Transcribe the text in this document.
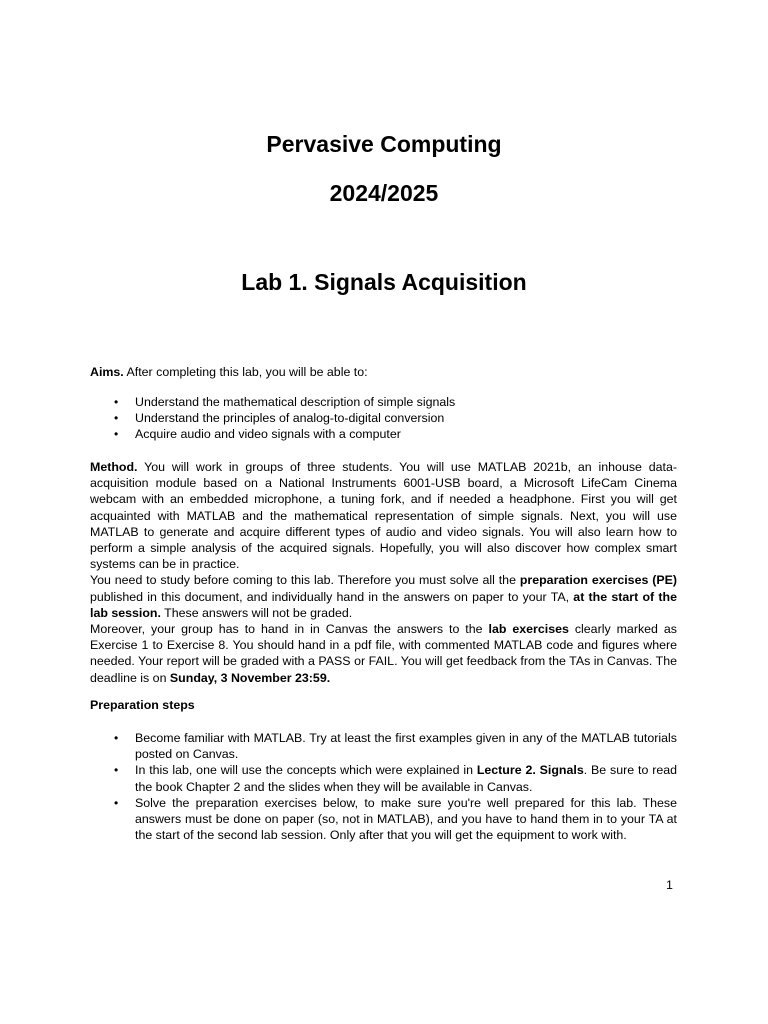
Pervasive Computing
2024/2025
Lab 1. Signals Acquisition

Aims. After completing this lab, you will be able to:

• Understand the mathematical description of simple signals
• Understand the principles of analog-to-digital conversion
• Acquire audio and video signals with a computer

Method. You will work in groups of three students. You will use MATLAB 2021b, an inhouse data-acquisition module based on a National Instruments 6001-USB board, a Microsoft LifeCam Cinema webcam with an embedded microphone, a tuning fork, and if needed a headphone. First you will get acquainted with MATLAB and the mathematical representation of simple signals. Next, you will use MATLAB to generate and acquire different types of audio and video signals. You will also learn how to perform a simple analysis of the acquired signals. Hopefully, you will also discover how complex smart systems can be in practice.

You need to study before coming to this lab. Therefore you must solve all the preparation exercises (PE) published in this document, and individually hand in the answers on paper to your TA, at the start of the lab session. These answers will not be graded.

Moreover, your group has to hand in in Canvas the answers to the lab exercises clearly marked as Exercise 1 to Exercise 8. You should hand in a pdf file, with commented MATLAB code and figures where needed. Your report will be graded with a PASS or FAIL. You will get feedback from the TAs in Canvas. The deadline is on Sunday, 3 November 23:59.

Preparation steps

• Become familiar with MATLAB. Try at least the first examples given in any of the MATLAB tutorials posted on Canvas.
• In this lab, one will use the concepts which were explained in Lecture 2. Signals. Be sure to read the book Chapter 2 and the slides when they will be available in Canvas.
• Solve the preparation exercises below, to make sure you're well prepared for this lab. These answers must be done on paper (so, not in MATLAB), and you have to hand them in to your TA at the start of the second lab session. Only after that you will get the equipment to work with.
1
